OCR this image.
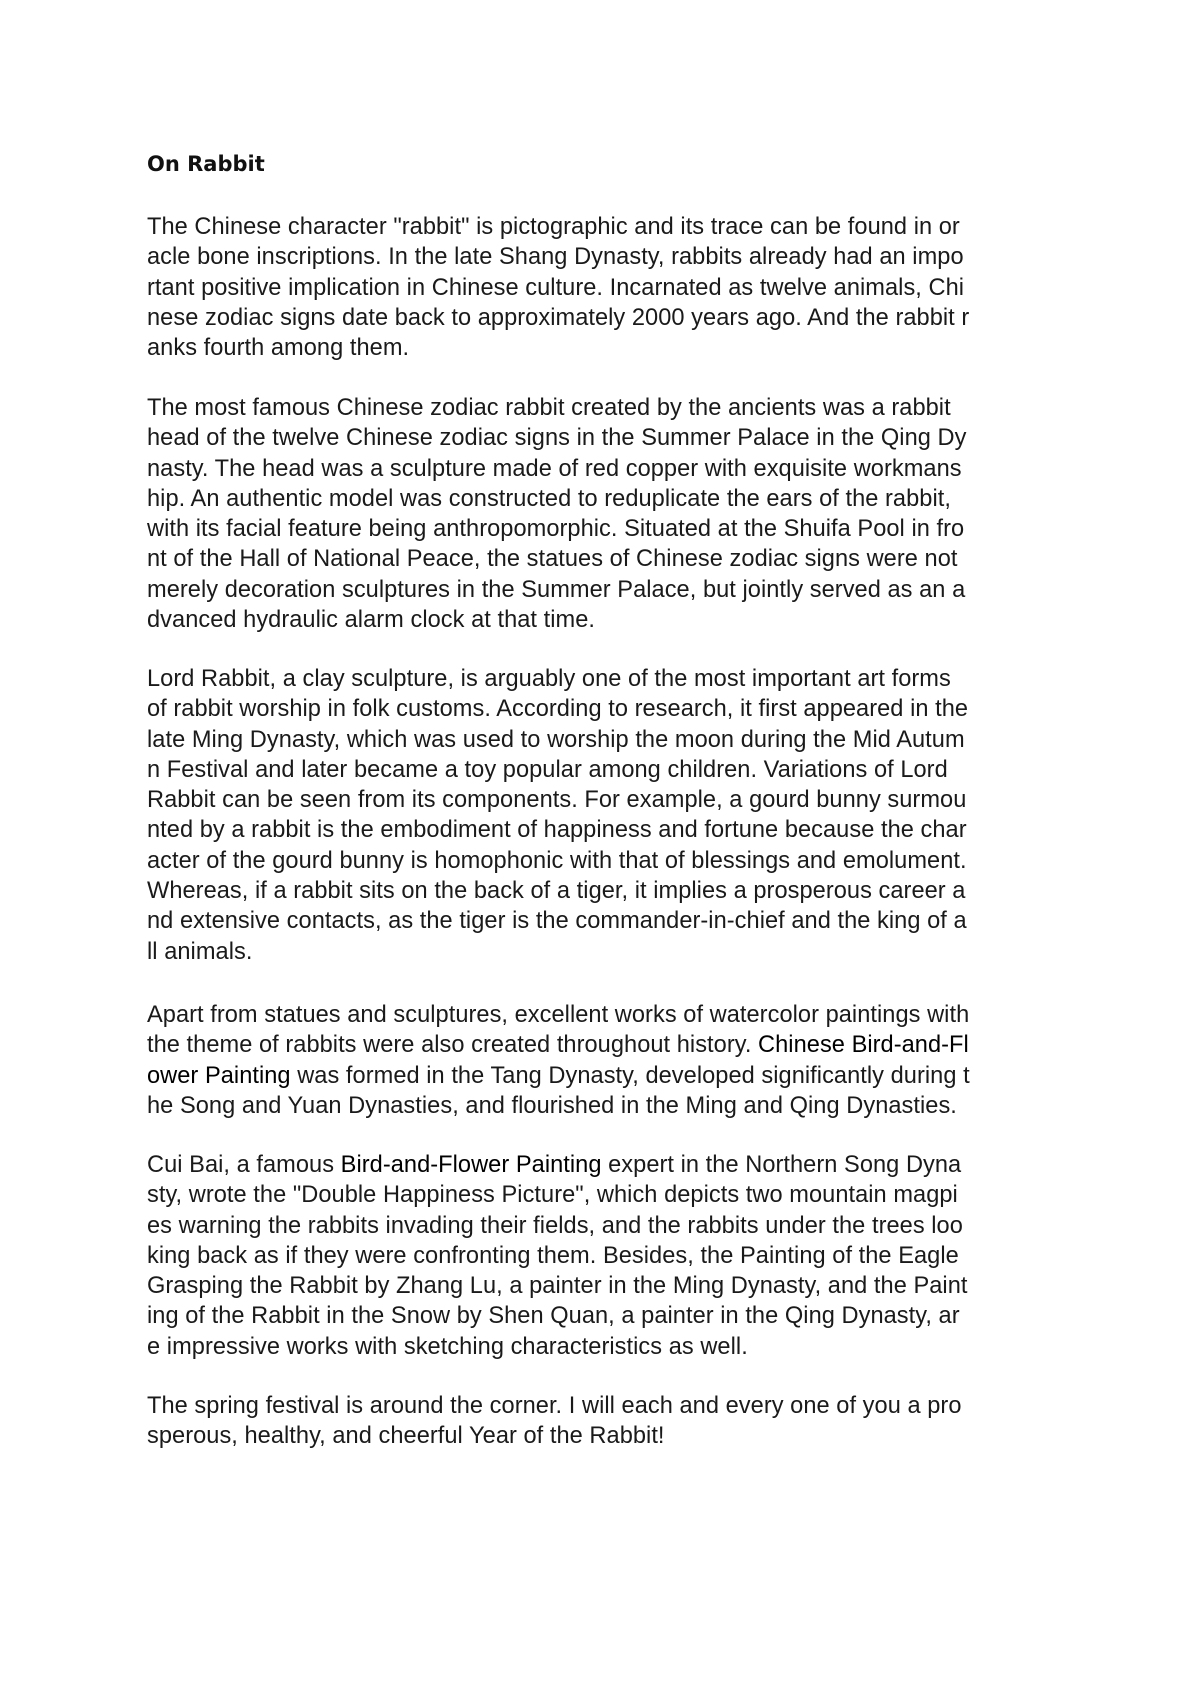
On Rabbit
The Chinese character "rabbit" is pictographic and its trace can be found in or
acle bone inscriptions. In the late Shang Dynasty, rabbits already had an impo
rtant positive implication in Chinese culture. Incarnated as twelve animals, Chi
nese zodiac signs date back to approximately 2000 years ago. And the rabbit r
anks fourth among them.
The most famous Chinese zodiac rabbit created by the ancients was a rabbit
head of the twelve Chinese zodiac signs in the Summer Palace in the Qing Dy
nasty. The head was a sculpture made of red copper with exquisite workmans
hip. An authentic model was constructed to reduplicate the ears of the rabbit,
with its facial feature being anthropomorphic. Situated at the Shuifa Pool in fro
nt of the Hall of National Peace, the statues of Chinese zodiac signs were not
merely decoration sculptures in the Summer Palace, but jointly served as an a
dvanced hydraulic alarm clock at that time.
Lord Rabbit, a clay sculpture, is arguably one of the most important art forms
of rabbit worship in folk customs. According to research, it first appeared in the
late Ming Dynasty, which was used to worship the moon during the Mid Autum
n Festival and later became a toy popular among children. Variations of Lord
Rabbit can be seen from its components. For example, a gourd bunny surmou
nted by a rabbit is the embodiment of happiness and fortune because the char
acter of the gourd bunny is homophonic with that of blessings and emolument.
Whereas, if a rabbit sits on the back of a tiger, it implies a prosperous career a
nd extensive contacts, as the tiger is the commander-in-chief and the king of a
ll animals.
Apart from statues and sculptures, excellent works of watercolor paintings with
the theme of rabbits were also created throughout history. Chinese Bird-and-Fl
ower Painting was formed in the Tang Dynasty, developed significantly during t
he Song and Yuan Dynasties, and flourished in the Ming and Qing Dynasties.
Cui Bai, a famous Bird-and-Flower Painting expert in the Northern Song Dyna
sty, wrote the "Double Happiness Picture", which depicts two mountain magpi
es warning the rabbits invading their fields, and the rabbits under the trees loo
king back as if they were confronting them. Besides, the Painting of the Eagle
Grasping the Rabbit by Zhang Lu, a painter in the Ming Dynasty, and the Paint
ing of the Rabbit in the Snow by Shen Quan, a painter in the Qing Dynasty, ar
e impressive works with sketching characteristics as well.
The spring festival is around the corner. I will each and every one of you a pro
sperous, healthy, and cheerful Year of the Rabbit!
